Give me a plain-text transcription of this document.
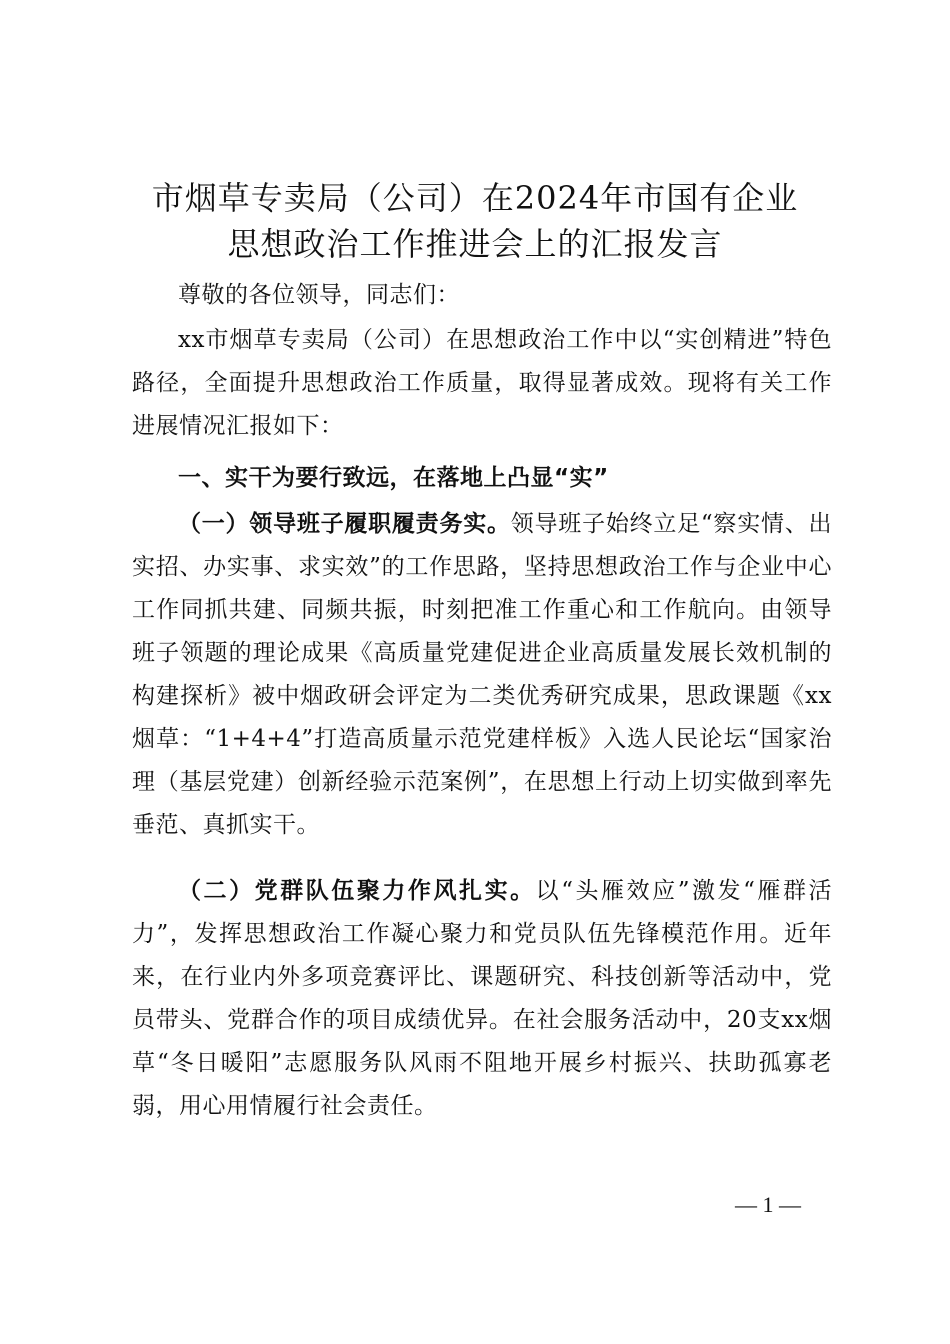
市烟草专卖局（公司）在2024年市国有企业
思想政治工作推进会上的汇报发言
尊敬的各位领导，同志们：
xx市烟草专卖局（公司）在思想政治工作中以“实创精进”特色路径，全面提升思想政治工作质量，取得显著成效。现将有关工作进展情况汇报如下：
一、实干为要行致远，在落地上凸显“实”
（一）领导班子履职履责务实。领导班子始终立足“察实情、出实招、办实事、求实效”的工作思路，坚持思想政治工作与企业中心工作同抓共建、同频共振，时刻把准工作重心和工作航向。由领导班子领题的理论成果《高质量党建促进企业高质量发展长效机制的构建探析》被中烟政研会评定为二类优秀研究成果，思政课题《xx烟草：“1+4+4”打造高质量示范党建样板》入选人民论坛“国家治理（基层党建）创新经验示范案例”，在思想上行动上切实做到率先垂范、真抓实干。
（二）党群队伍聚力作风扎实。以“头雁效应”激发“雁群活力”，发挥思想政治工作凝心聚力和党员队伍先锋模范作用。近年来，在行业内外多项竞赛评比、课题研究、科技创新等活动中，党员带头、党群合作的项目成绩优异。在社会服务活动中，20支xx烟草“冬日暖阳”志愿服务队风雨不阻地开展乡村振兴、扶助孤寡老弱，用心用情履行社会责任。
— 1 —
